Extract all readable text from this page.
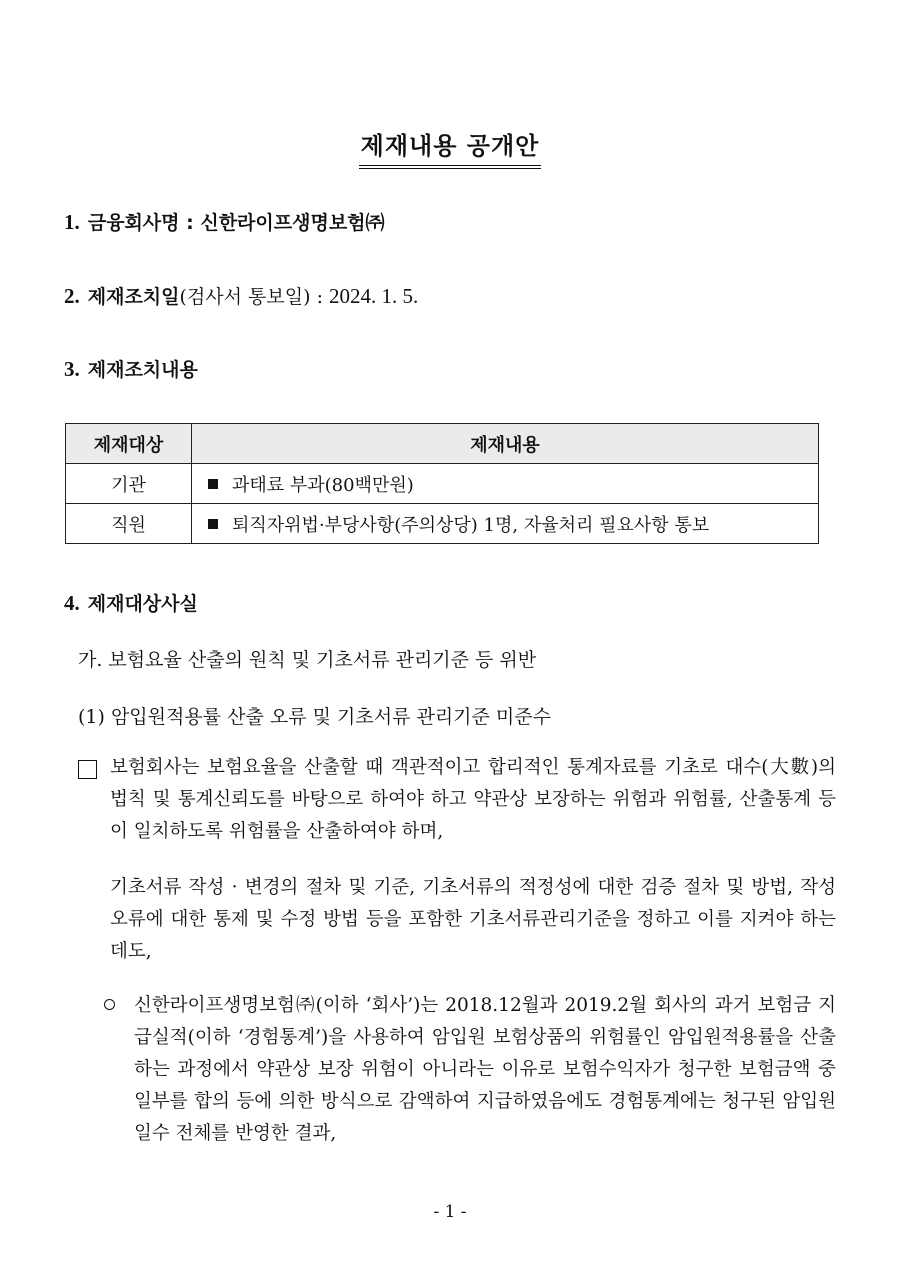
제재내용 공개안
1. 금융회사명 : 신한라이프생명보험㈜
2. 제재조치일(검사서 통보일) : 2024. 1. 5.
3. 제재조치내용
제재대상	제재내용
기관	과태료 부과(80백만원)
직원	퇴직자위법·부당사항(주의상당) 1명, 자율처리 필요사항 통보
4. 제재대상사실
가. 보험요율 산출의 원칙 및 기초서류 관리기준 등 위반
(1) 암입원적용률 산출 오류 및 기초서류 관리기준 미준수
보험회사는 보험요율을 산출할 때 객관적이고 합리적인 통계자료를 기초로 대수(大數)의 법칙 및 통계신뢰도를 바탕으로 하여야 하고 약관상 보장하는 위험과 위험률, 산출통계 등이 일치하도록 위험률을 산출하여야 하며,
기초서류 작성 · 변경의 절차 및 기준, 기초서류의 적정성에 대한 검증 절차 및 방법, 작성 오류에 대한 통제 및 수정 방법 등을 포함한 기초서류관리기준을 정하고 이를 지켜야 하는데도,
신한라이프생명보험㈜(이하 ‘회사’)는 2018.12월과 2019.2월 회사의 과거 보험금 지급실적(이하 ‘경험통계’)을 사용하여 암입원 보험상품의 위험률인 암입원적용률을 산출하는 과정에서 약관상 보장 위험이 아니라는 이유로 보험수익자가 청구한 보험금액 중 일부를 합의 등에 의한 방식으로 감액하여 지급하였음에도 경험통계에는 청구된 암입원일수 전체를 반영한 결과,
- 1 -
